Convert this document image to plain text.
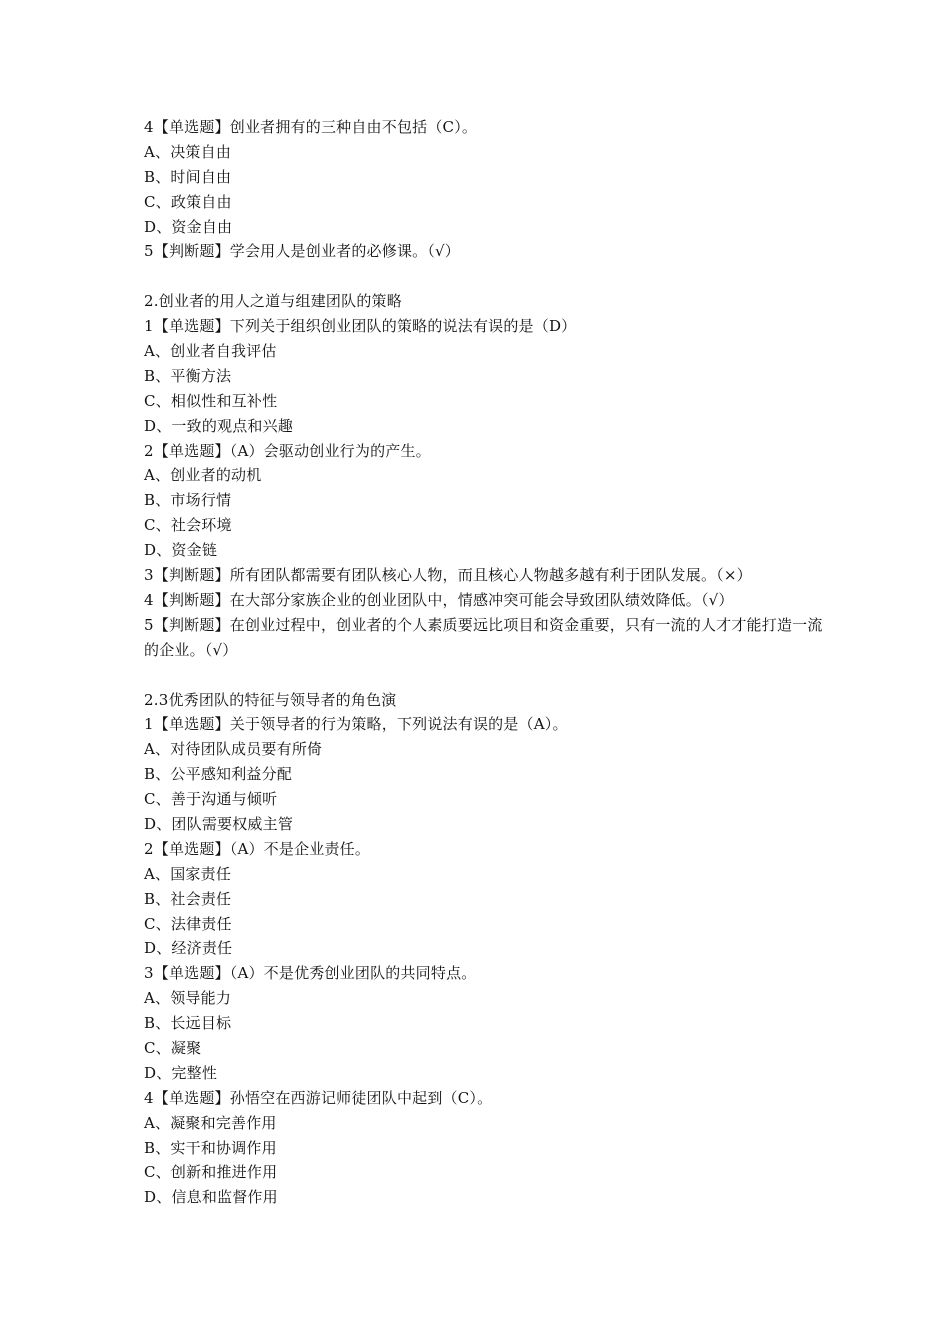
4【单选题】创业者拥有的三种自由不包括（C）。
A、决策自由
B、时间自由
C、政策自由
D、资金自由
5【判断题】学会用人是创业者的必修课。（√）
2.创业者的用人之道与组建团队的策略
1【单选题】下列关于组织创业团队的策略的说法有误的是（D）
A、创业者自我评估
B、平衡方法
C、相似性和互补性
D、一致的观点和兴趣
2【单选题】（A）会驱动创业行为的产生。
A、创业者的动机
B、市场行情
C、社会环境
D、资金链
3【判断题】所有团队都需要有团队核心人物，而且核心人物越多越有利于团队发展。（×）
4【判断题】在大部分家族企业的创业团队中，情感冲突可能会导致团队绩效降低。（√）
5【判断题】在创业过程中，创业者的个人素质要远比项目和资金重要，只有一流的人才才能打造一流的企业。（√）
2.3优秀团队的特征与领导者的角色演
1【单选题】关于领导者的行为策略，下列说法有误的是（A）。
A、对待团队成员要有所倚
B、公平感知利益分配
C、善于沟通与倾听
D、团队需要权威主管
2【单选题】（A）不是企业责任。
A、国家责任
B、社会责任
C、法律责任
D、经济责任
3【单选题】（A）不是优秀创业团队的共同特点。
A、领导能力
B、长远目标
C、凝聚
D、完整性
4【单选题】孙悟空在西游记师徒团队中起到（C）。
A、凝聚和完善作用
B、实干和协调作用
C、创新和推进作用
D、信息和监督作用
